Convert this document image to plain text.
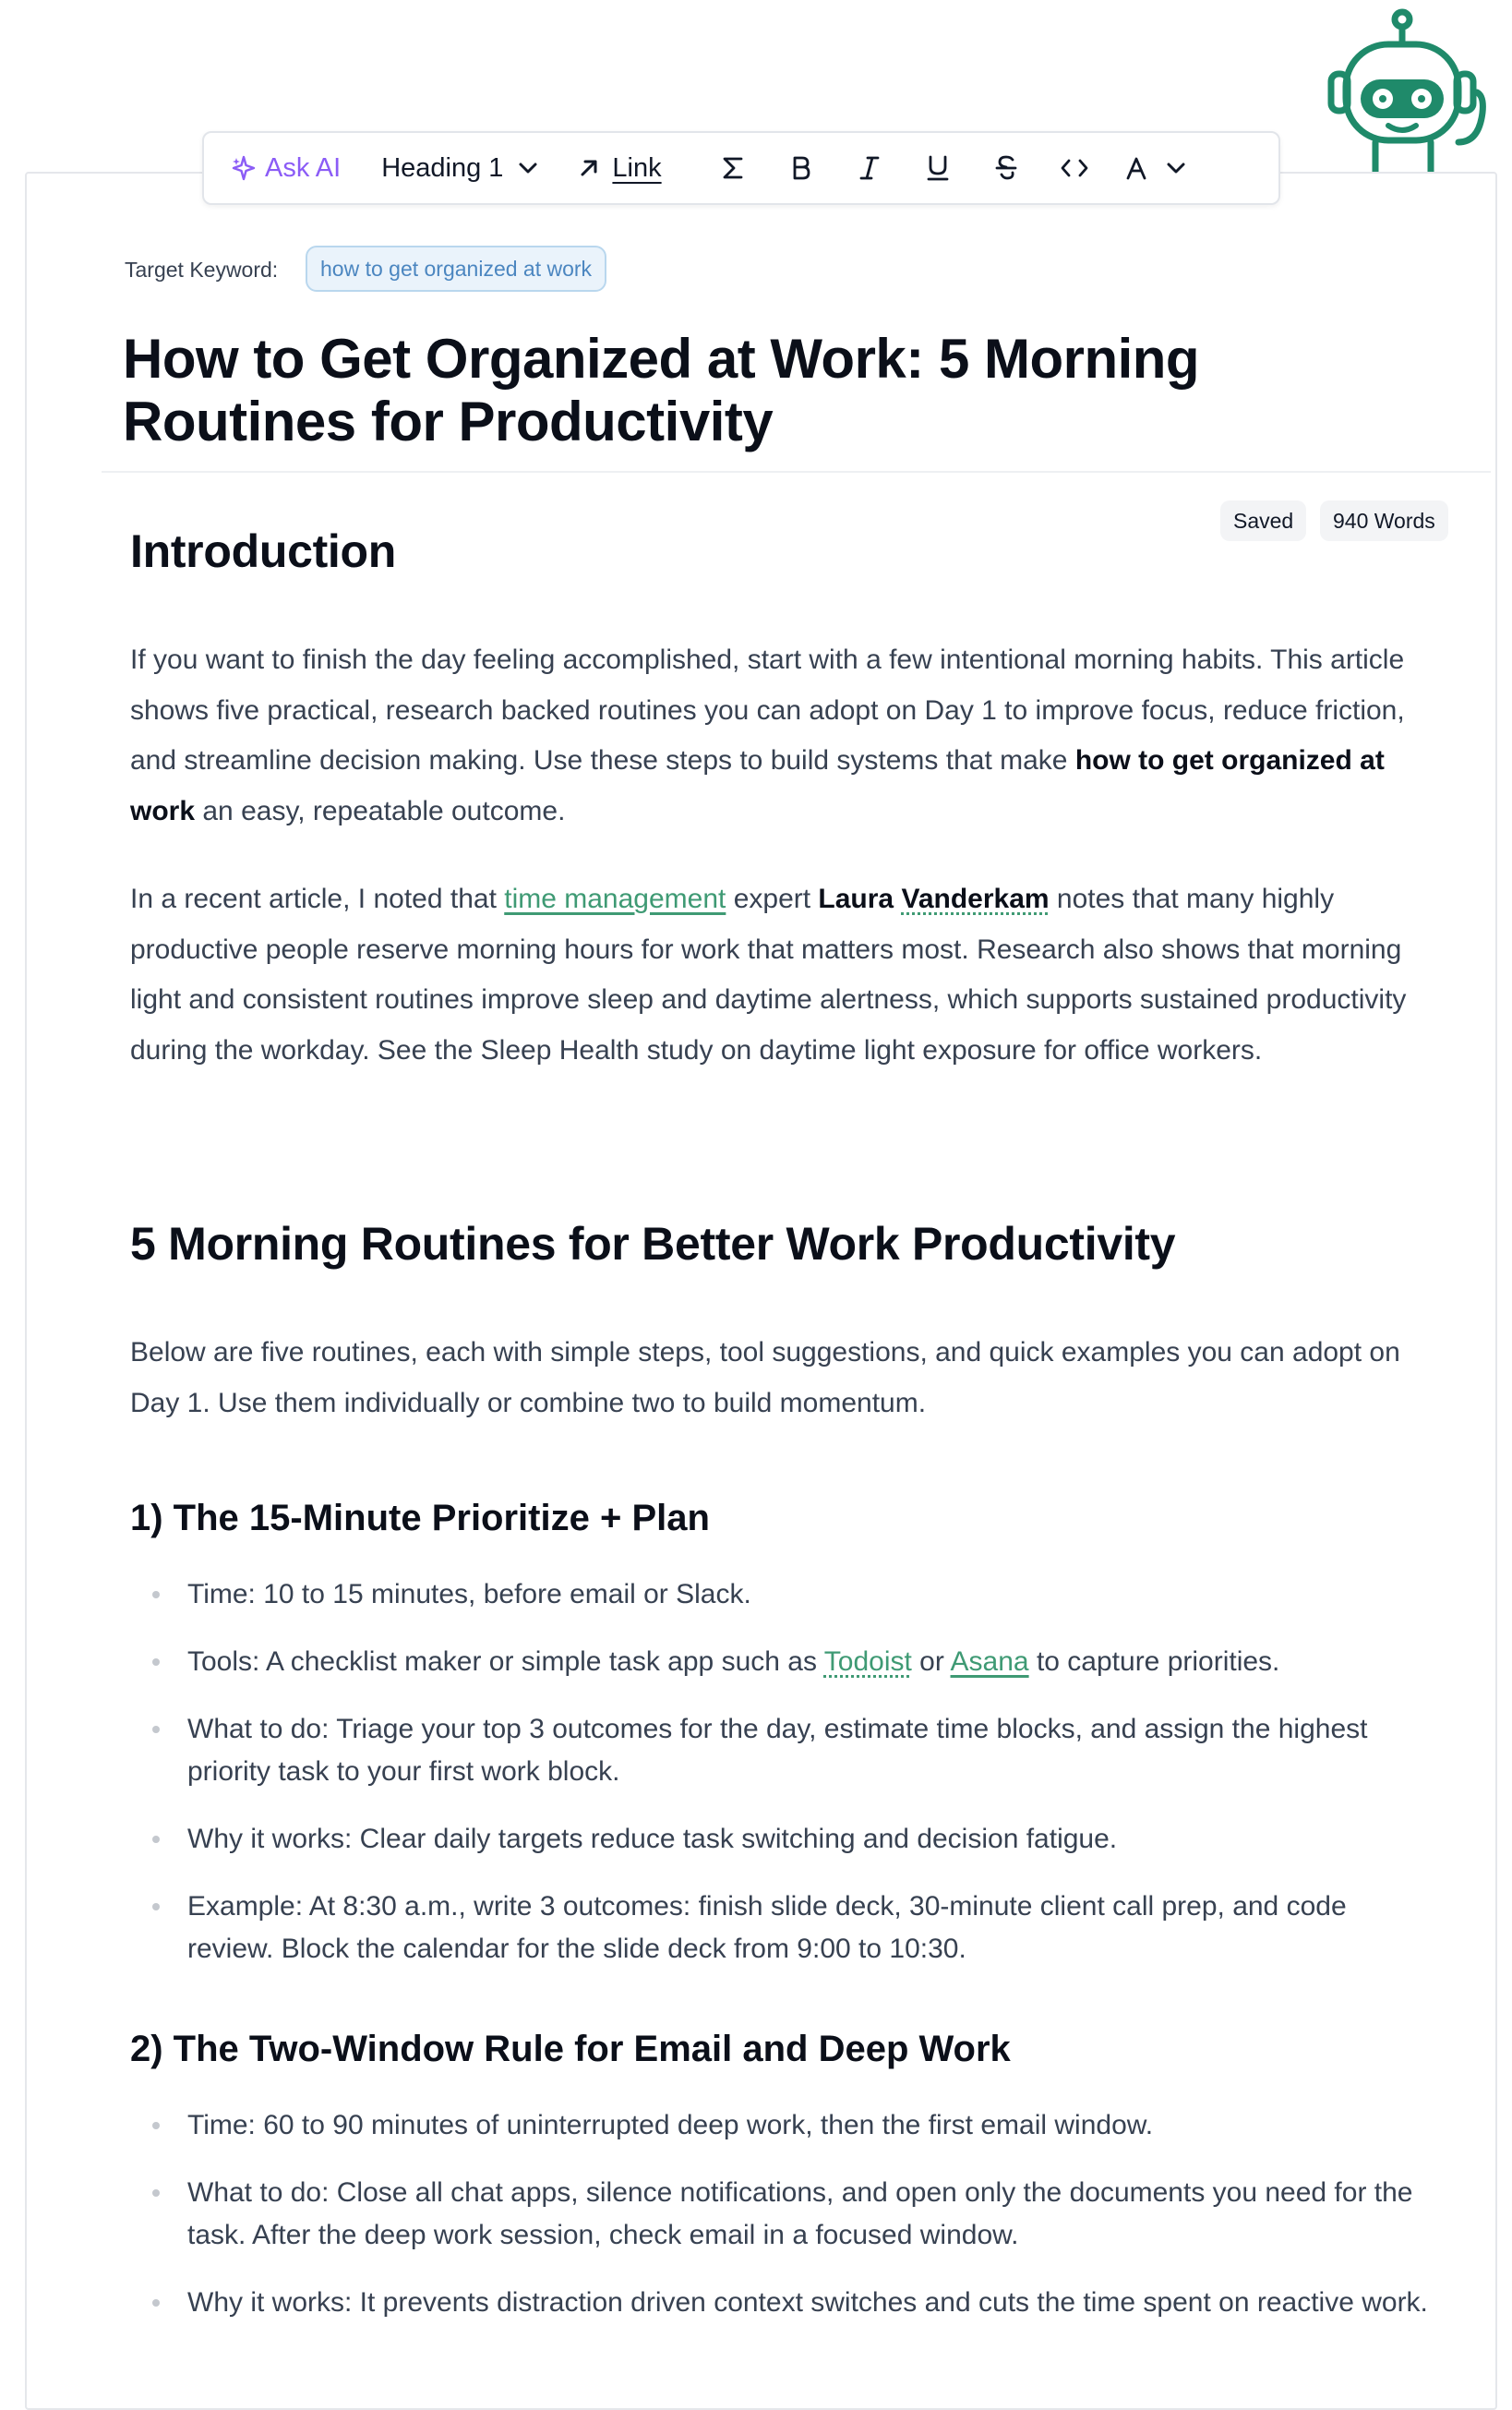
Ask AI Heading 1	Link
Target Keyword: how to get organized at work
How to Get Organized at Work: 5 Morning Routines for Productivity
Saved	940 Words
Introduction

If you want to finish the day feeling accomplished, start with a few intentional morning habits. This article shows five practical, research backed routines you can adopt on Day 1 to improve focus, reduce friction, and streamline decision making. Use these steps to build systems that make how to get organized at work an easy, repeatable outcome.

In a recent article, I noted that time management expert Laura Vanderkam notes that many highly productive people reserve morning hours for work that matters most. Research also shows that morning light and consistent routines improve sleep and daytime alertness, which supports sustained productivity during the workday. See the Sleep Health study on daytime light exposure for office workers.

5 Morning Routines for Better Work Productivity

Below are five routines, each with simple steps, tool suggestions, and quick examples you can adopt on Day 1. Use them individually or combine two to build momentum.

1) The 15-Minute Prioritize + Plan
Time: 10 to 15 minutes, before email or Slack.
Tools: A checklist maker or simple task app such as Todoist or Asana to capture priorities.
What to do: Triage your top 3 outcomes for the day, estimate time blocks, and assign the highest priority task to your first work block.
Why it works: Clear daily targets reduce task switching and decision fatigue.
Example: At 8:30 a.m., write 3 outcomes: finish slide deck, 30-minute client call prep, and code review. Block the calendar for the slide deck from 9:00 to 10:30.
2) The Two-Window Rule for Email and Deep Work
Time: 60 to 90 minutes of uninterrupted deep work, then the first email window.
What to do: Close all chat apps, silence notifications, and open only the documents you need for the task. After the deep work session, check email in a focused window.
Why it works: It prevents distraction driven context switches and cuts the time spent on reactive work.
